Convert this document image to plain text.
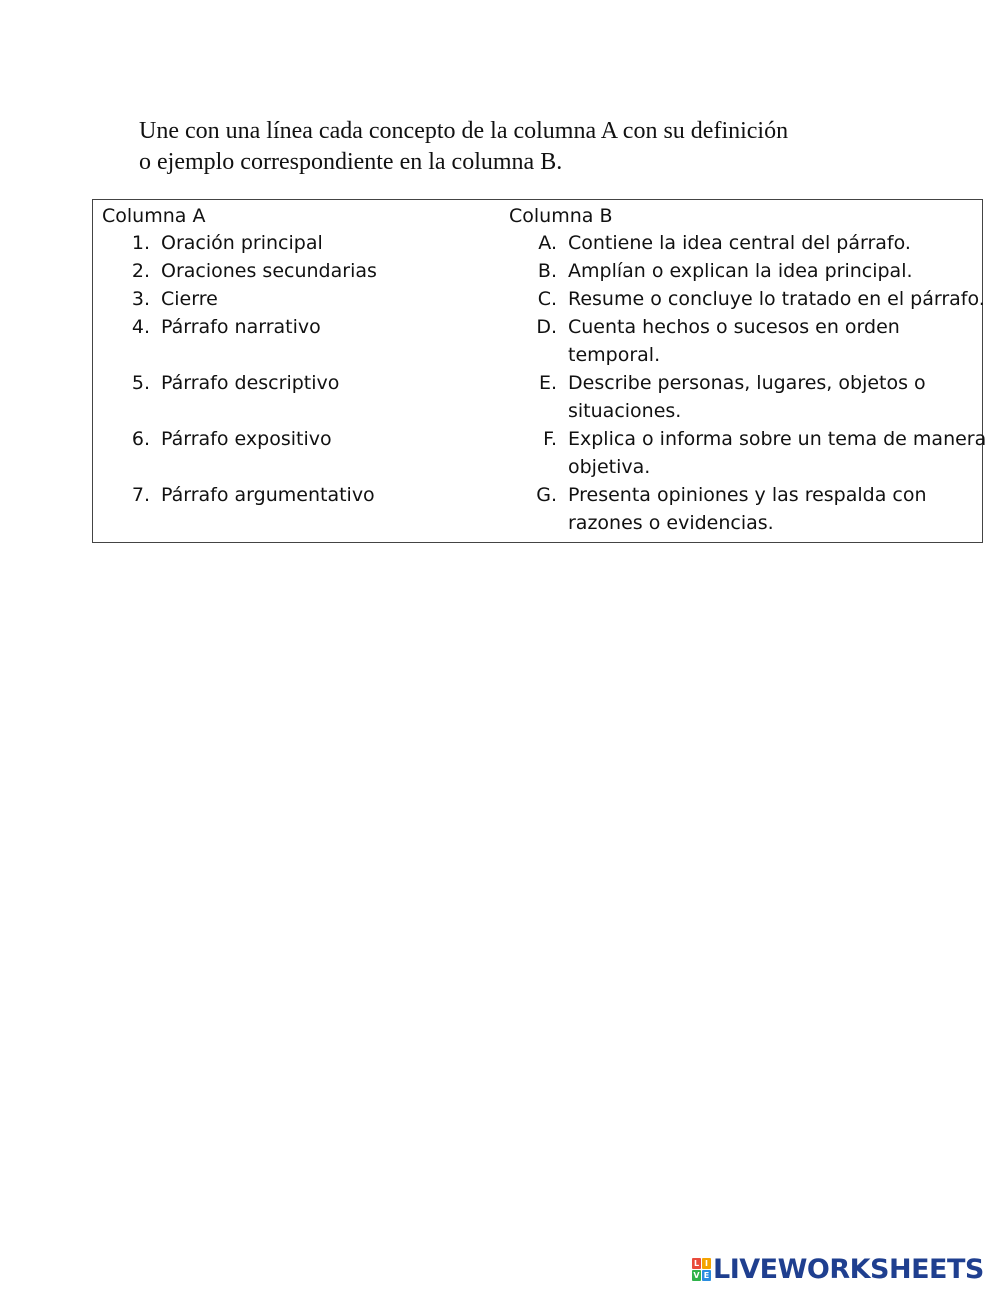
Une con una línea cada concepto de la columna A con su definición
o ejemplo correspondiente en la columna B.
Columna A
1. Oración principal
2. Oraciones secundarias
3. Cierre
4. Párrafo narrativo
5. Párrafo descriptivo
6. Párrafo expositivo
7. Párrafo argumentativo
Columna B
A. Contiene la idea central del párrafo.
B. Amplían o explican la idea principal.
C. Resume o concluye lo tratado en el párrafo.
D. Cuenta hechos o sucesos en orden
temporal.
E. Describe personas, lugares, objetos o
situaciones.
F. Explica o informa sobre un tema de manera
objetiva.
G. Presenta opiniones y las respalda con
razones o evidencias.
L I
V E LIVEWORKSHEETS
